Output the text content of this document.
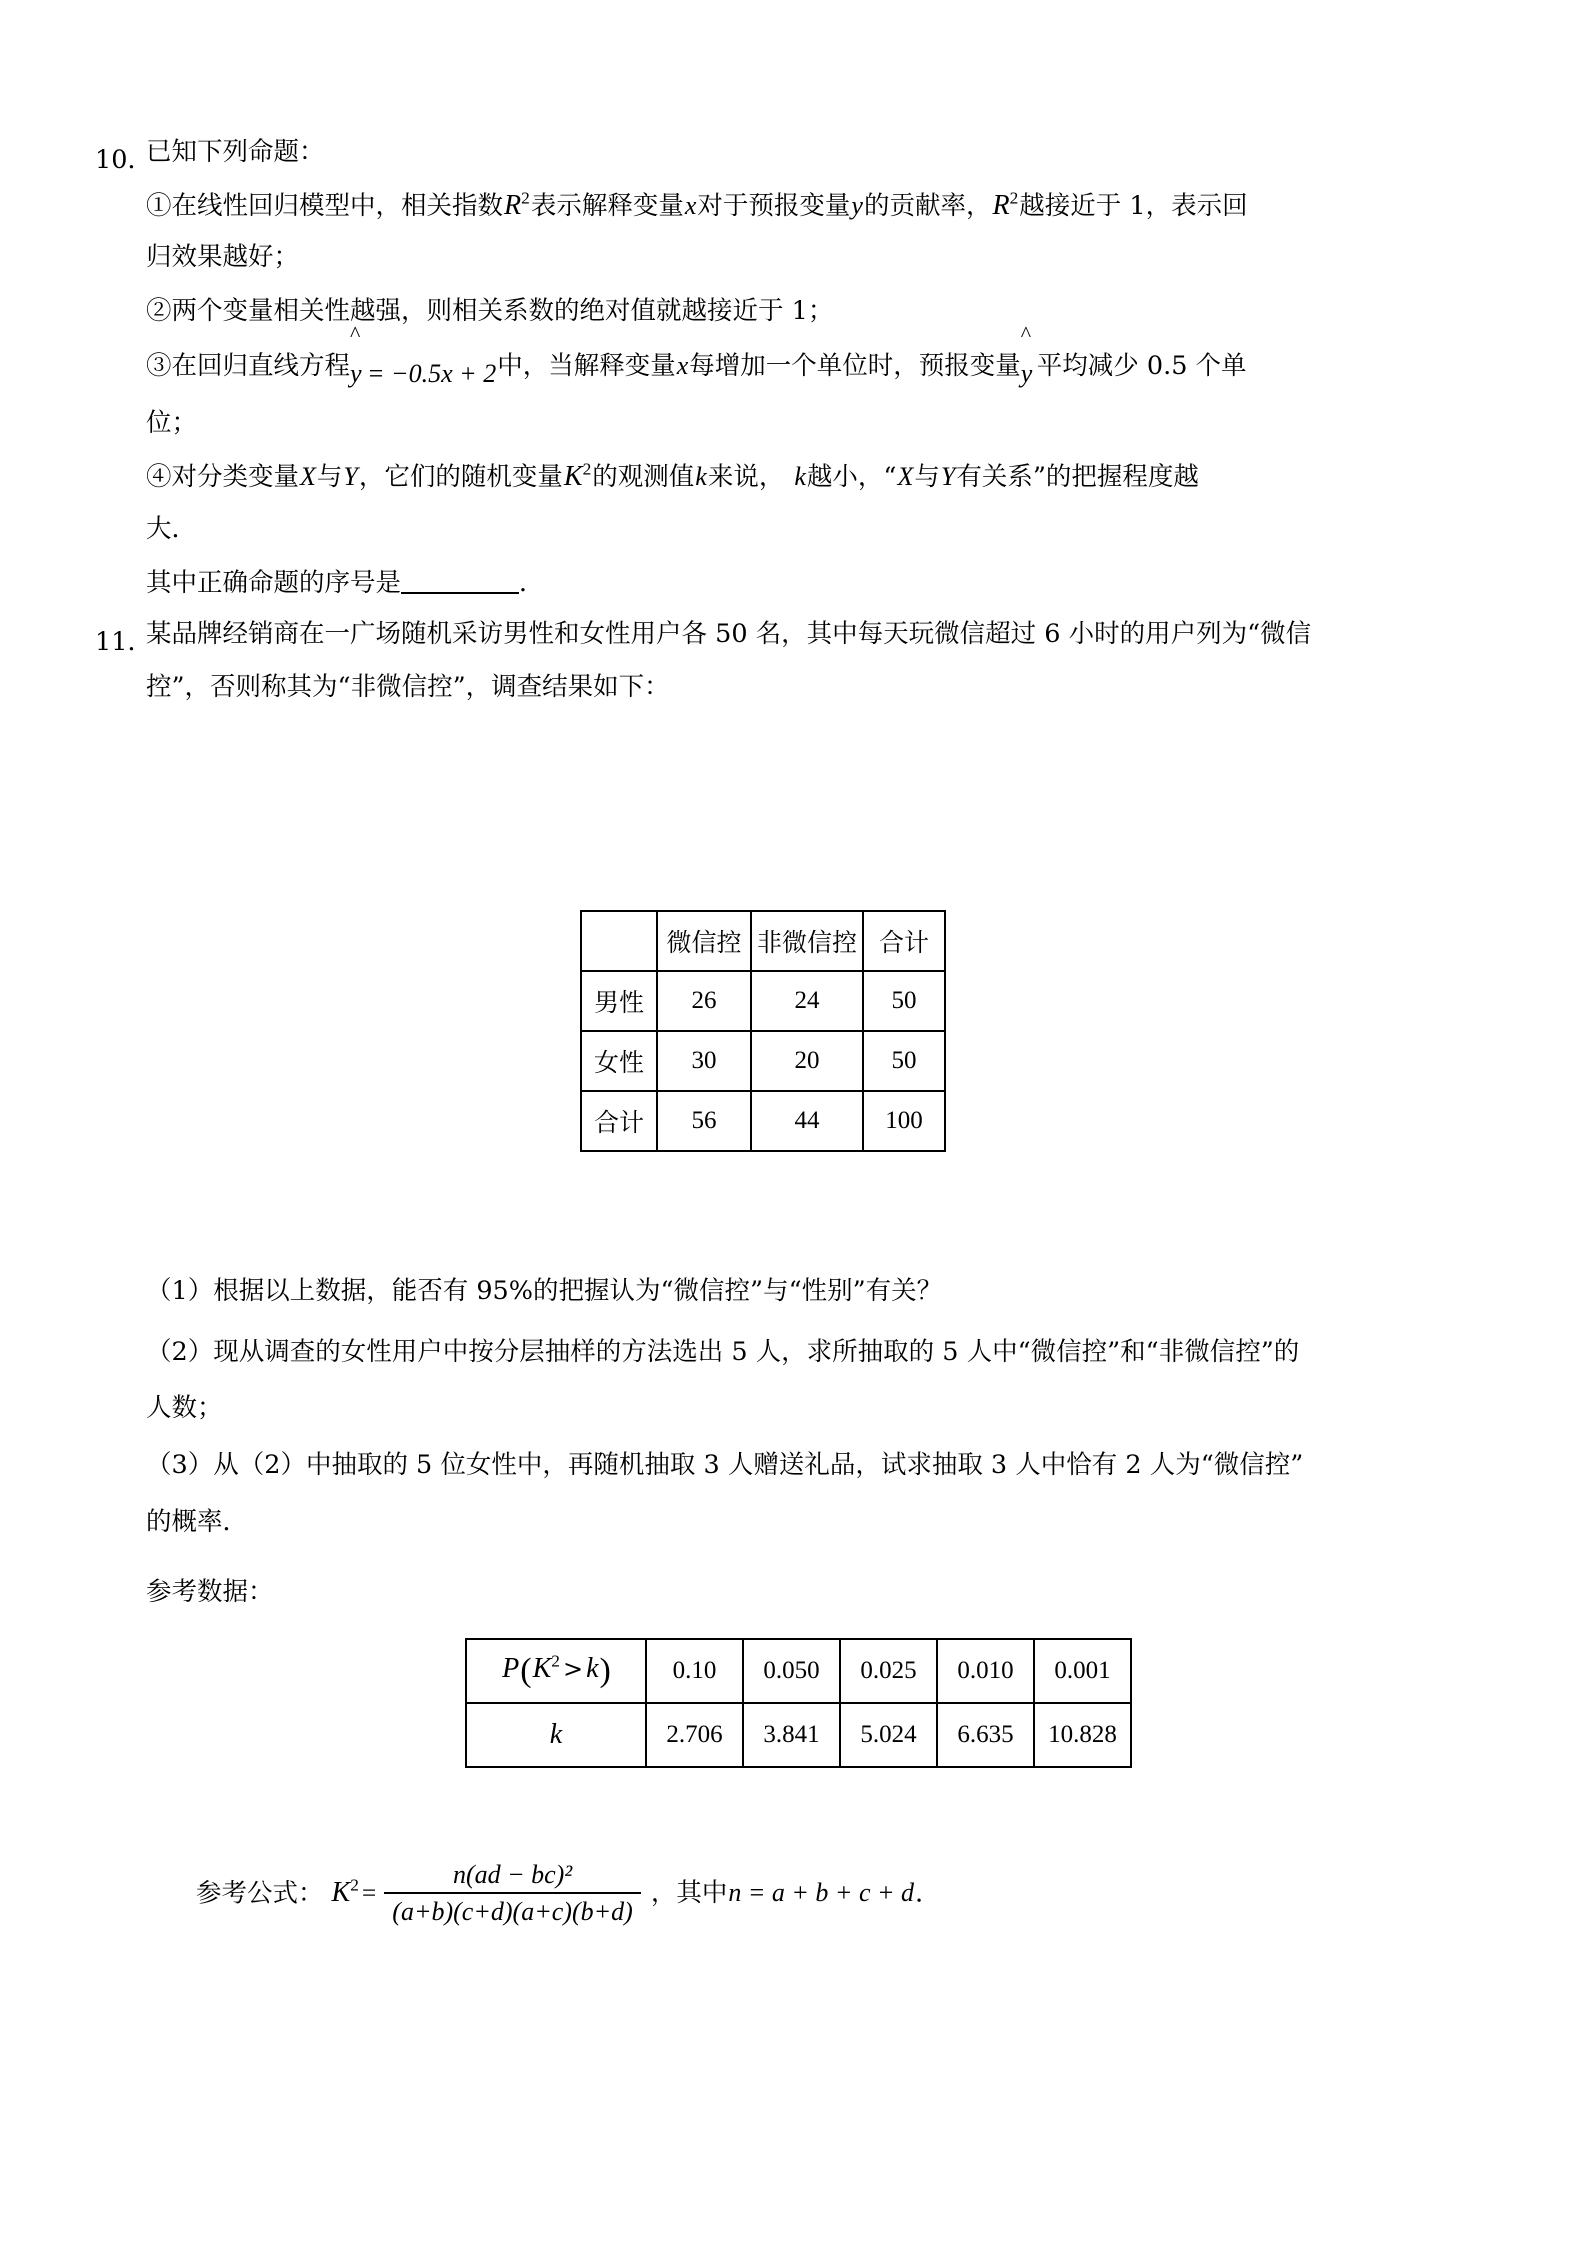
10．
已知下列命题：
①在线性回归模型中，相关指数$R^2$表示解释变量x对于预报变量y的贡献率，$R^2$越接近于 1，表示回
归效果越好；
②两个变量相关性越强，则相关系数的绝对值就越接近于 1；
③在回归直线方程
^
y = −0.5x + 2中，当解释变量x每增加一个单位时，预报变量
^
y 平均减少 0.5 个单
位；
④对分类变量X与Y，它们的随机变量$K^2$的观测值k来说， k越小，“X与Y有关系”的把握程度越
大．
其中正确命题的序号是	．
11．
某品牌经销商在一广场随机采访男性和女性用户各 50 名，其中每天玩微信超过 6 小时的用户列为“微信
控”，否则称其为“非微信控”，调查结果如下：
	微信控	非微信控	合计
男性	26	24	50
女性	30	20	50
合计	56	44	100
（1）根据以上数据，能否有 95%的把握认为“微信控”与“性别”有关？
（2）现从调查的女性用户中按分层抽样的方法选出 5 人，求所抽取的 5 人中“微信控”和“非微信控”的
人数；
（3）从（2）中抽取的 5 位女性中，再随机抽取 3 人赠送礼品，试求抽取 3 人中恰有 2 人为“微信控”
的概率．
参考数据：
$P(K^2 > k)$	0.10	0.050	0.025	0.010	0.001
k	2.706	3.841	5.024	6.635	10.828
参考公式： $K^2 = \frac{\text{n(ad − bc)²}}{(a+b)(c+d)(a+c)(b+d)}$ ，其中n = a + b + c + d．
